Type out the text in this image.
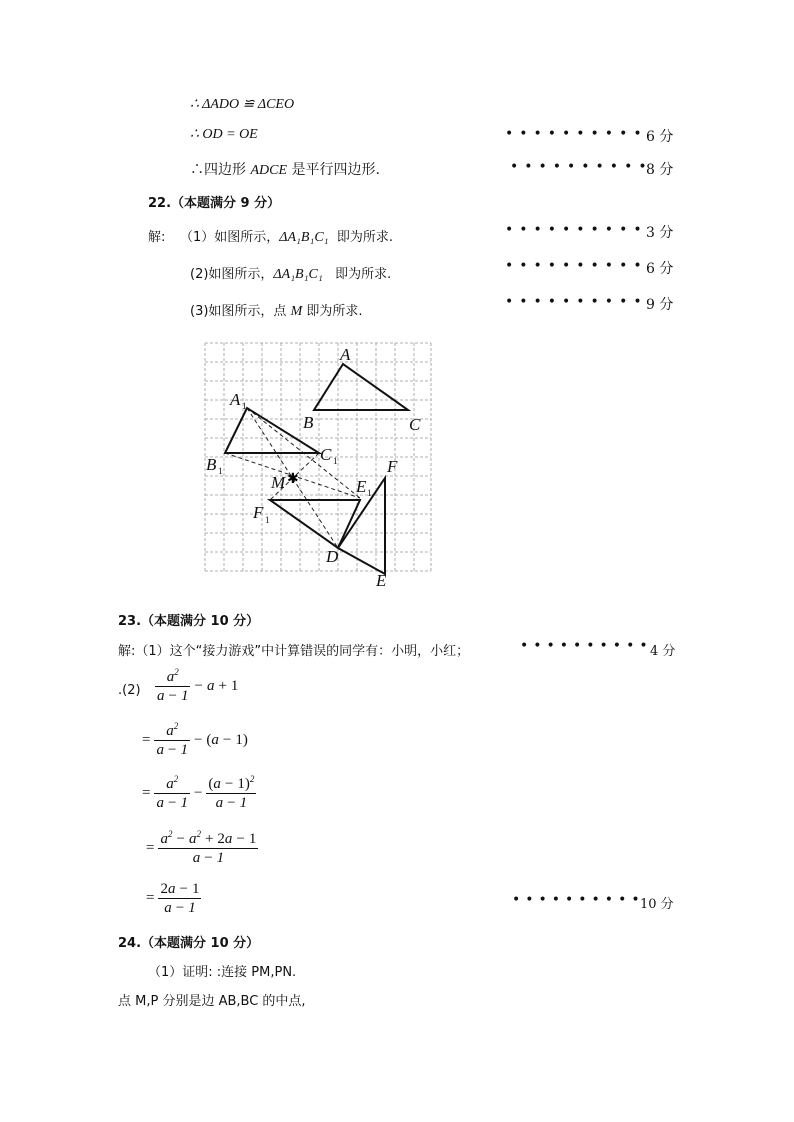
∴ ΔADO ≌ ΔCEO
∴ OD = OE	••••••••••
6 分
∴四边形 ADCE 是平行四边形.	••••••••••
8 分
22.（本题满分 9 分）
解: （1）如图所示，ΔA₁B₁C₁ 即为所求.	••••••••••
3 分
(2)如图所示，ΔA₁B₁C₁ 即为所求.
••••••••••
6 分
(3)如图所示，点 M 即为所求.
••••••••••
9 分
✱
A
B	C
A 1
B 1
C 1
M	E 1
F
F 1
D
E
23.（本题满分 10 分）
解:（1）这个“接力游戏”中计算错误的同学有：小明，小红；	••••••••••
4 分
$.(2) \frac{a^2}{a - 1} - a + 1$
= $\frac{a^2}{a - 1}$ − ( a − 1)
= $\frac{a^2}{a - 1} - \frac{(a - 1)^2}{a - 1}$
= $\frac{a^2 - a^2 + 2a - 1}{a - 1}$
= $\frac{2a - 1}{a - 1}$	••••••••••
10 分
24.（本题满分 10 分）
（1）证明: :连接 PM,PN.
点 M,P 分别是边 AB,BC 的中点,
